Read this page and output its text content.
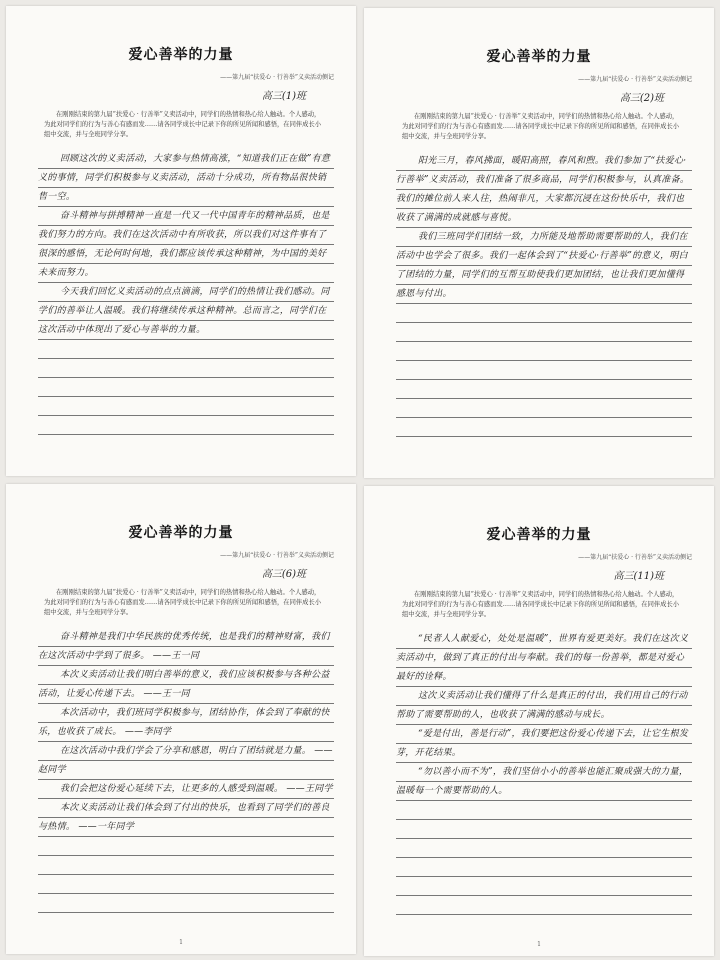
爱心善举的力量
——第九届“扶爱心 · 行善举”义卖活动侧记
高三(1)班
在刚刚结束的第九届“扶爱心 · 行善举”义卖活动中，同学们的热情和热心给人触动。个人感动，为此对同学们的行为与善心有感而发……请各同学成长中记录下你的所见所闻和感悟，在同伴成长小组中交流，并与全班同学分享。

回顾这次的义卖活动，大家参与热情高涨，“知道我们正在做”有意义的事情，同学们积极参与义卖活动，活动十分成功，所有物品很快销售一空。

奋斗精神与拼搏精神一直是一代又一代中国青年的精神品质，也是我们努力的方向。我们在这次活动中有所收获，所以我们对这件事有了很深的感悟，无论何时何地，我们都应该传承这种精神，为中国的美好未来而努力。

今天我们回忆义卖活动的点点滴滴，同学们的热情让我们感动。同学们的善举让人温暖。我们将继续传承这种精神。总而言之，同学们在这次活动中体现出了爱心与善举的力量。

爱心善举的力量
——第九届“扶爱心 · 行善举”义卖活动侧记
高三(2)班
在刚刚结束的第九届“扶爱心 · 行善举”义卖活动中，同学们的热情和热心给人触动。个人感动，为此对同学们的行为与善心有感而发……请各同学成长中记录下你的所见所闻和感悟，在同伴成长小组中交流，并与全班同学分享。

阳光三月，春风拂面，暖阳高照，春风和煦。我们参加了“扶爱心·行善举”义卖活动，我们准备了很多商品，同学们积极参与，认真准备。我们的摊位前人来人往，热闹非凡，大家都沉浸在这份快乐中，我们也收获了满满的成就感与喜悦。

我们三班同学们团结一致，力所能及地帮助需要帮助的人，我们在活动中也学会了很多。我们一起体会到了“扶爱心·行善举”的意义，明白了团结的力量，同学们的互帮互助使我们更加团结，也让我们更加懂得感恩与付出。

爱心善举的力量
——第九届“扶爱心 · 行善举”义卖活动侧记
高三(6)班
在刚刚结束的第九届“扶爱心 · 行善举”义卖活动中，同学们的热情和热心给人触动。个人感动，为此对同学们的行为与善心有感而发……请各同学成长中记录下你的所见所闻和感悟，在同伴成长小组中交流，并与全班同学分享。

奋斗精神是我们中华民族的优秀传统，也是我们的精神财富，我们在这次活动中学到了很多。 ——王一同

本次义卖活动让我们明白善举的意义，我们应该积极参与各种公益活动，让爱心传递下去。 ——王一同

本次活动中，我们班同学积极参与，团结协作，体会到了奉献的快乐，也收获了成长。 ——李同学

在这次活动中我们学会了分享和感恩，明白了团结就是力量。 ——赵同学

我们会把这份爱心延续下去，让更多的人感受到温暖。 ——王同学

本次义卖活动让我们体会到了付出的快乐，也看到了同学们的善良与热情。 ——一年同学

1
爱心善举的力量
——第九届“扶爱心 · 行善举”义卖活动侧记
高三(11)班
在刚刚结束的第九届“扶爱心 · 行善举”义卖活动中，同学们的热情和热心给人触动。个人感动，为此对同学们的行为与善心有感而发……请各同学成长中记录下你的所见所闻和感悟，在同伴成长小组中交流，并与全班同学分享。

“民者人人献爱心，处处是温暖”，世界有爱更美好。我们在这次义卖活动中，做到了真正的付出与奉献。我们的每一份善举，都是对爱心最好的诠释。

这次义卖活动让我们懂得了什么是真正的付出，我们用自己的行动帮助了需要帮助的人，也收获了满满的感动与成长。

“爱是付出，善是行动”，我们要把这份爱心传递下去，让它生根发芽，开花结果。

“勿以善小而不为”，我们坚信小小的善举也能汇聚成强大的力量，温暖每一个需要帮助的人。

1
